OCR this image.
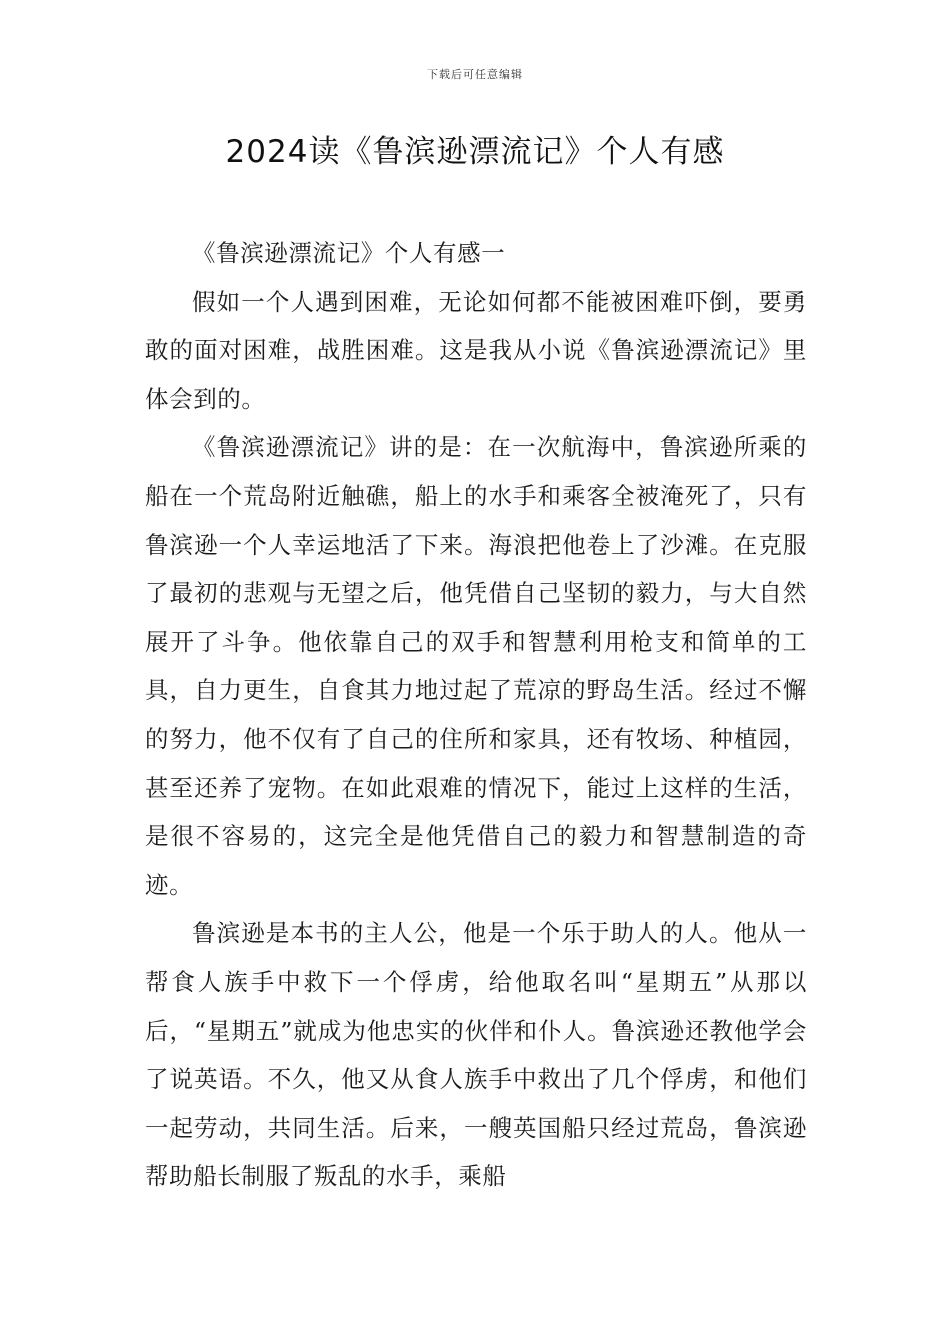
下载后可任意编辑
2024读《鲁滨逊漂流记》个人有感

《鲁滨逊漂流记》个人有感一

假如一个人遇到困难，无论如何都不能被困难吓倒，要勇敢的面对困难，战胜困难。这是我从小说《鲁滨逊漂流记》里体会到的。

《鲁滨逊漂流记》讲的是：在一次航海中，鲁滨逊所乘的船在一个荒岛附近触礁，船上的水手和乘客全被淹死了，只有鲁滨逊一个人幸运地活了下来。海浪把他卷上了沙滩。在克服了最初的悲观与无望之后，他凭借自己坚韧的毅力，与大自然展开了斗争。他依靠自己的双手和智慧利用枪支和简单的工具，自力更生，自食其力地过起了荒凉的野岛生活。经过不懈的努力，他不仅有了自己的住所和家具，还有牧场、种植园，甚至还养了宠物。在如此艰难的情况下，能过上这样的生活，是很不容易的，这完全是他凭借自己的毅力和智慧制造的奇迹。

鲁滨逊是本书的主人公，他是一个乐于助人的人。他从一帮食人族手中救下一个俘虏，给他取名叫“星期五”从那以后，“星期五”就成为他忠实的伙伴和仆人。鲁滨逊还教他学会了说英语。不久，他又从食人族手中救出了几个俘虏，和他们一起劳动，共同生活。后来，一艘英国船只经过荒岛，鲁滨逊帮助船长制服了叛乱的水手，乘船
